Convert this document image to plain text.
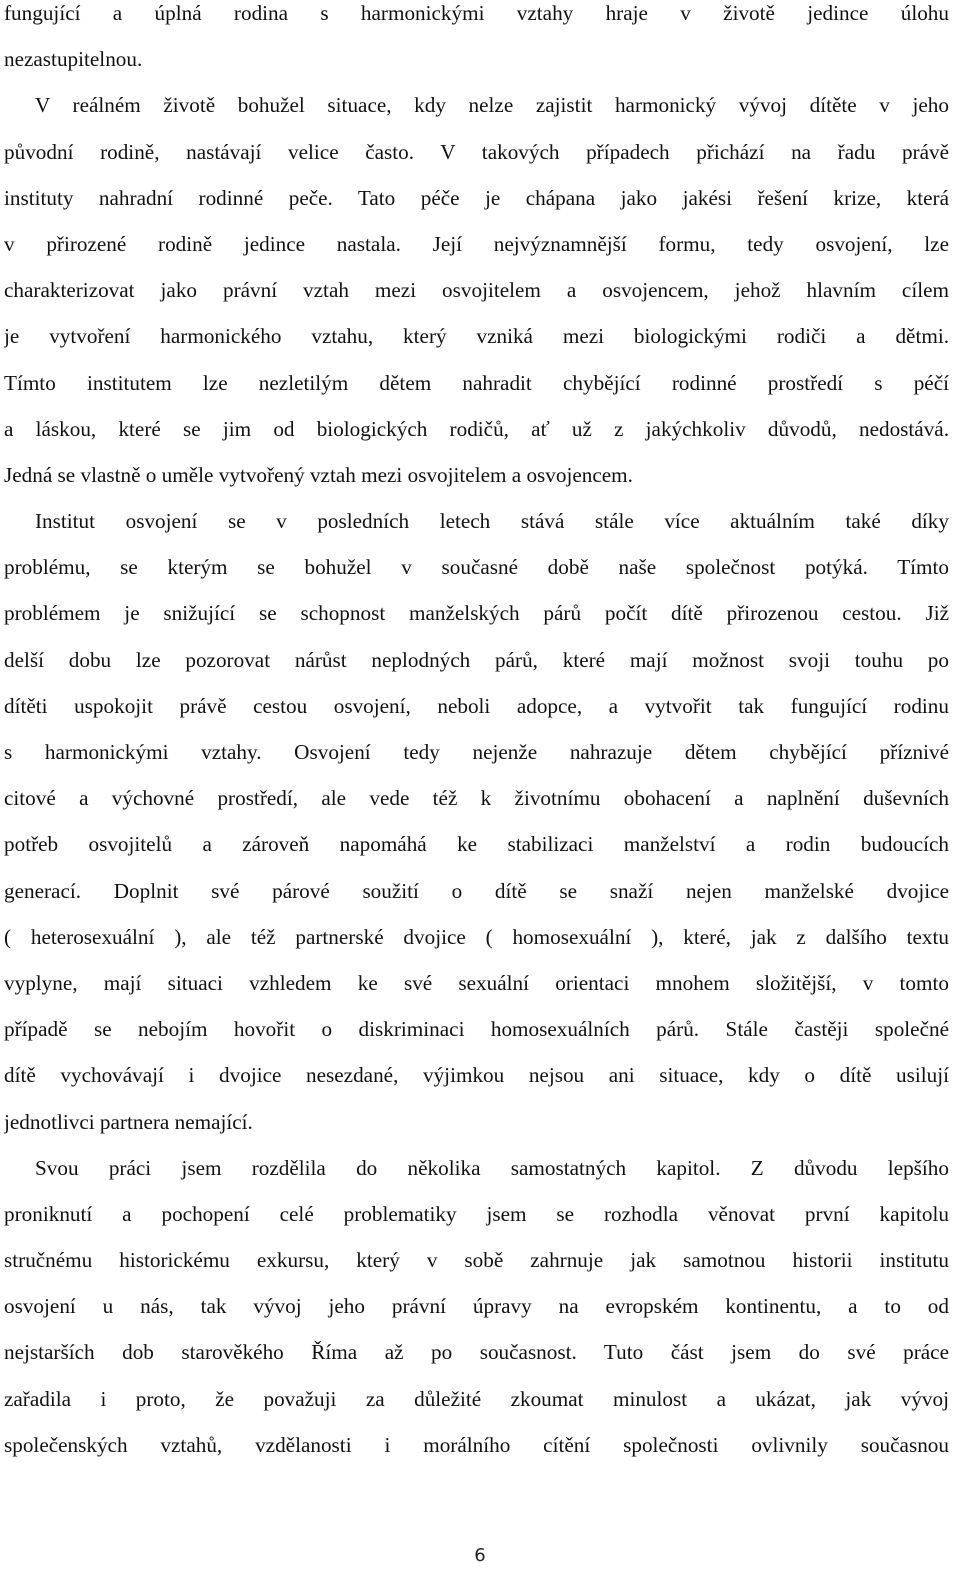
fungující a úplná rodina s harmonickými vztahy hraje v životě jedince úlohu
nezastupitelnou.
V reálném životě bohužel situace, kdy nelze zajistit harmonický vývoj dítěte v jeho
původní rodině, nastávají velice často. V takových případech přichází na řadu právě
instituty nahradní rodinné peče. Tato péče je chápana jako jakési řešení krize, která
v přirozené rodině jedince nastala. Její nejvýznamnější formu, tedy osvojení, lze
charakterizovat jako právní vztah mezi osvojitelem a osvojencem, jehož hlavním cílem
je vytvoření harmonického vztahu, který vzniká mezi biologickými rodiči a dětmi.
Tímto institutem lze nezletilým dětem nahradit chybějící rodinné prostředí s péčí
a láskou, které se jim od biologických rodičů, ať už z jakýchkoliv důvodů, nedostává.
Jedná se vlastně o uměle vytvořený vztah mezi osvojitelem a osvojencem.
Institut osvojení se v posledních letech stává stále více aktuálním také díky
problému, se kterým se bohužel v současné době naše společnost potýká. Tímto
problémem je snižující se schopnost manželských párů počít dítě přirozenou cestou. Již
delší dobu lze pozorovat nárůst neplodných párů, které mají možnost svoji touhu po
dítěti uspokojit právě cestou osvojení, neboli adopce, a vytvořit tak fungující rodinu
s harmonickými vztahy. Osvojení tedy nejenže nahrazuje dětem chybějící příznivé
citové a výchovné prostředí, ale vede též k životnímu obohacení a naplnění duševních
potřeb osvojitelů a zároveň napomáhá ke stabilizaci manželství a rodin budoucích
generací. Doplnit své párové soužití o dítě se snaží nejen manželské dvojice
( heterosexuální ), ale též partnerské dvojice ( homosexuální ), které, jak z dalšího textu
vyplyne, mají situaci vzhledem ke své sexuální orientaci mnohem složitější, v tomto
případě se nebojím hovořit o diskriminaci homosexuálních párů. Stále častěji společné
dítě vychovávají i dvojice nesezdané, výjimkou nejsou ani situace, kdy o dítě usilují
jednotlivci partnera nemající.
Svou práci jsem rozdělila do několika samostatných kapitol. Z důvodu lepšího
proniknutí a pochopení celé problematiky jsem se rozhodla věnovat první kapitolu
stručnému historickému exkursu, který v sobě zahrnuje jak samotnou historii institutu
osvojení u nás, tak vývoj jeho právní úpravy na evropském kontinentu, a to od
nejstarších dob starověkého Říma až po současnost. Tuto část jsem do své práce
zařadila i proto, že považuji za důležité zkoumat minulost a ukázat, jak vývoj
společenských vztahů, vzdělanosti i morálního cítění společnosti ovlivnily současnou
6
